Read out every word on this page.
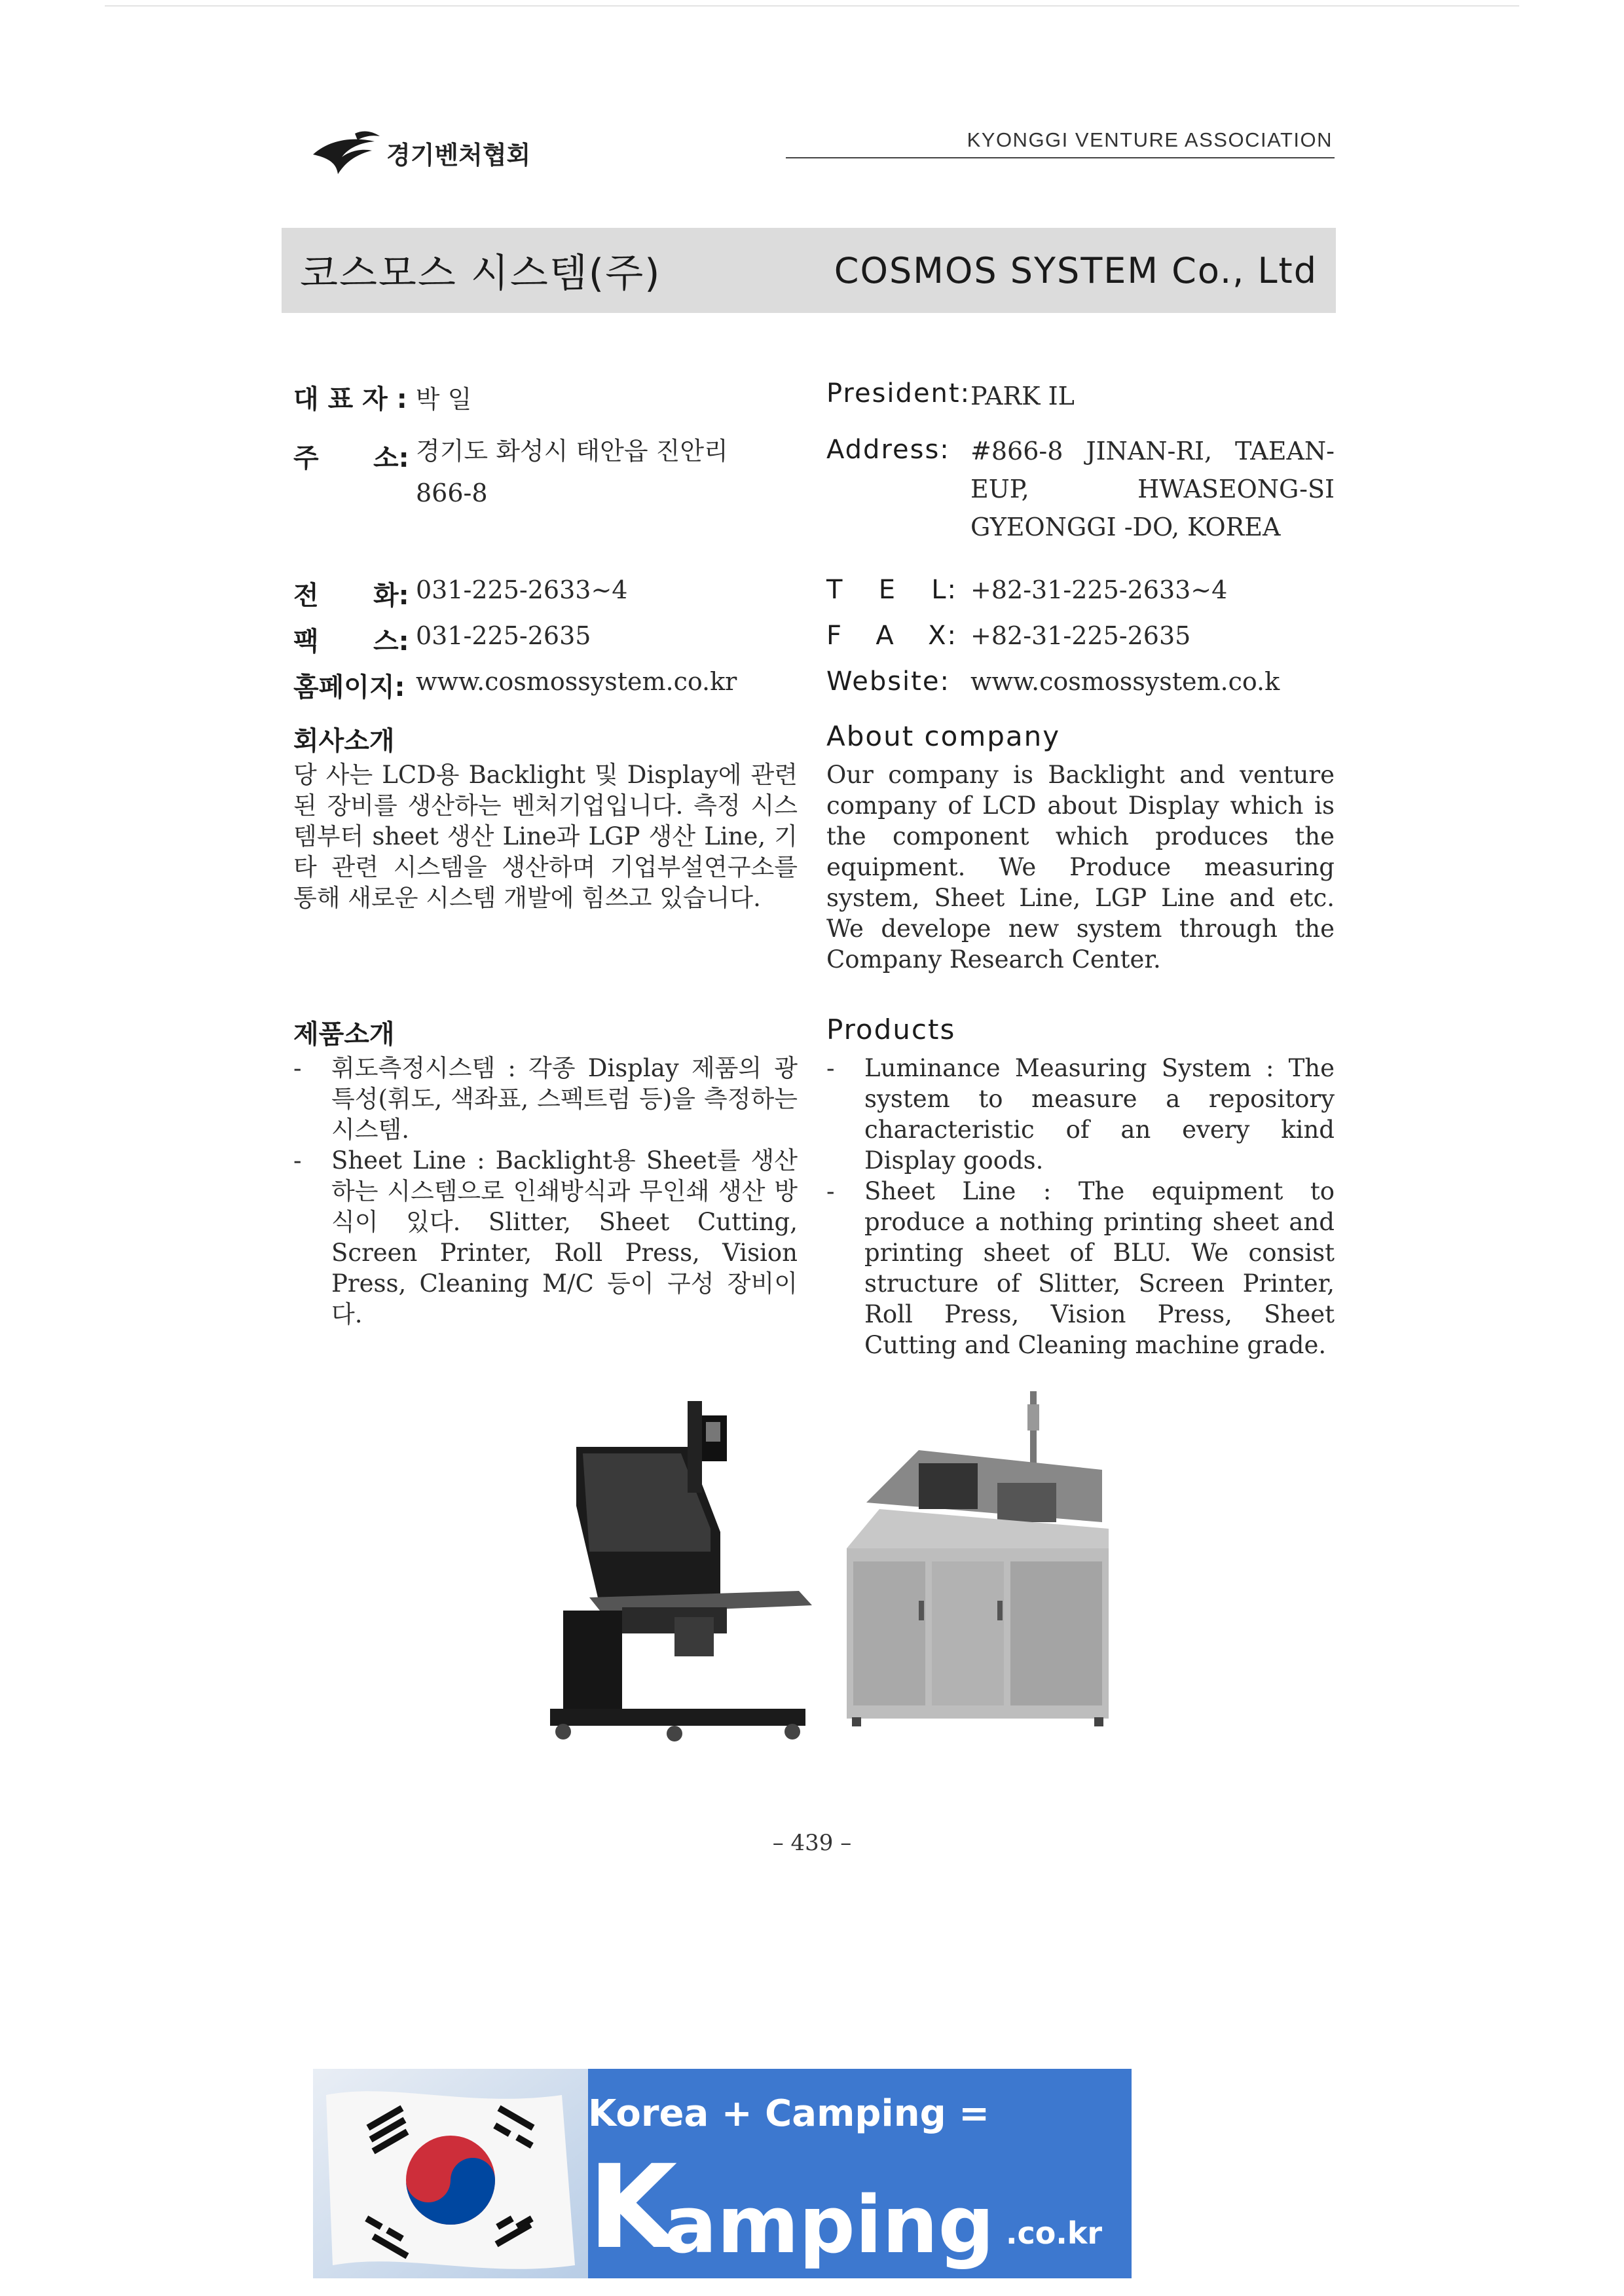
경기벤처협회
KYONGGI VENTURE ASSOCIATION
코스모스 시스템(주)	COSMOS SYSTEM Co., Ltd
대 표 자 : 박 일
주 소: 경기도 화성시 태안읍 진안리
866-8
전 화: 031-225-2633~4
팩 스: 031-225-2635
홈페이지: www.cosmossystem.co.kr
회사소개
당 사는 LCD용 Backlight 및 Display에 관련된 장비를 생산하는 벤처기업입니다. 측정 시스템부터 sheet 생산 Line과 LGP 생산 Line, 기타 관련 시스템을 생산하며 기업부설연구소를 통해 새로운 시스템 개발에 힘쓰고 있습니다.
제품소개
-	휘도측정시스템 : 각종 Display 제품의 광 특성(휘도, 색좌표, 스펙트럼 등)을 측정하는 시스템.
-	Sheet Line : Backlight용 Sheet를 생산하는 시스템으로 인쇄방식과 무인쇄 생산 방식이 있다. Slitter, Sheet Cutting, Screen Printer, Roll Press, Vision Press, Cleaning M/C 등이 구성 장비이다.
President: PARK IL
Address: #866-8 JINAN-RI, TAEAN-EUP, HWASEONG-SI GYEONGGI -DO, KOREA
T E L: +82-31-225-2633~4
F A X: +82-31-225-2635
Website: www.cosmossystem.co.k
About company
Our company is Backlight and venture company of LCD about Display which is the component which produces the equipment. We Produce measuring system, Sheet Line, LGP Line and etc. We develope new system through the Company Research Center.
Products
-	Luminance Measuring System : The system to measure a repository characteristic of an every kind Display goods.
-	Sheet Line : The equipment to produce a nothing printing sheet and printing sheet of BLU. We consist structure of Slitter, Screen Printer, Roll Press, Vision Press, Sheet Cutting and Cleaning machine grade.
– 439 –
Korea + Camping =
K
amping .co.kr
